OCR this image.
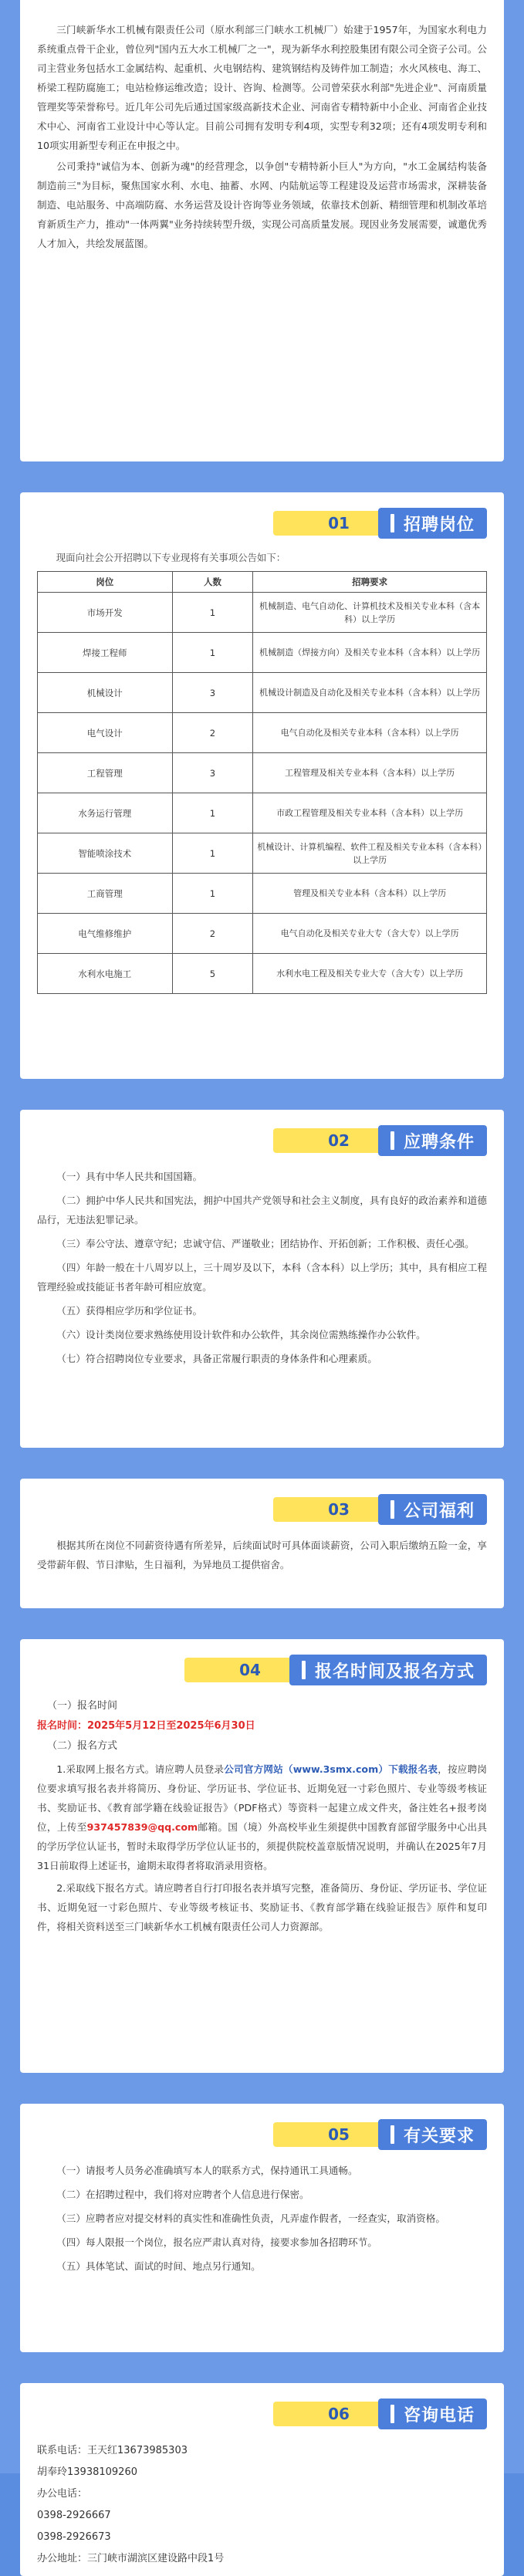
三门峡新华水工机械有限责任公司（原水利部三门峡水工机械厂）始建于1957年，为国家水利电力系统重点骨干企业，曾位列"国内五大水工机械厂之一"，现为新华水利控股集团有限公司全资子公司。公司主营业务包括水工金属结构、起重机、火电钢结构、建筑钢结构及铸件加工制造；水火风核电、海工、桥梁工程防腐施工；电站检修运维改造；设计、咨询、检测等。公司曾荣获水利部"先进企业"、河南质量管理奖等荣誉称号。近几年公司先后通过国家级高新技术企业、河南省专精特新中小企业、河南省企业技术中心、河南省工业设计中心等认定。目前公司拥有发明专利4项，实型专利32项；还有4项发明专利和10项实用新型专利正在申报之中。

公司秉持"诚信为本、创新为魂"的经营理念，以争创"专精特新小巨人"为方向，"水工金属结构装备制造前三"为目标，聚焦国家水利、水电、抽蓄、水网、内陆航运等工程建设及运营市场需求，深耕装备制造、电站服务、中高端防腐、水务运营及设计咨询等业务领域，依靠技术创新、精细管理和机制改革培育新质生产力，推动"一体两翼"业务持续转型升级，实现公司高质量发展。现因业务发展需要，诚邀优秀人才加入，共绘发展蓝图。

01	招聘岗位

现面向社会公开招聘以下专业现将有关事项公告如下：

岗位	人数	招聘要求
市场开发	1	机械制造、电气自动化、计算机技术及相关专业本科（含本科）以上学历
焊接工程师	1	机械制造（焊接方向）及相关专业本科（含本科）以上学历
机械设计	3	机械设计制造及自动化及相关专业本科（含本科）以上学历
电气设计	2	电气自动化及相关专业本科（含本科）以上学历
工程管理	3	工程管理及相关专业本科（含本科）以上学历
水务运行管理	1	市政工程管理及相关专业本科（含本科）以上学历
智能喷涂技术	1	机械设计、计算机编程、软件工程及相关专业本科（含本科）以上学历
工商管理	1	管理及相关专业本科（含本科）以上学历
电气维修维护	2	电气自动化及相关专业大专（含大专）以上学历
水利水电施工	5	水利水电工程及相关专业大专（含大专）以上学历
02	应聘条件

（一）具有中华人民共和国国籍。

（二）拥护中华人民共和国宪法，拥护中国共产党领导和社会主义制度，具有良好的政治素养和道德品行，无违法犯罪记录。

（三）奉公守法、遵章守纪；忠诚守信、严谨敬业；团结协作、开拓创新；工作积极、责任心强。

（四）年龄一般在十八周岁以上，三十周岁及以下，本科（含本科）以上学历；其中，具有相应工程管理经验或技能证书者年龄可相应放宽。

（五）获得相应学历和学位证书。

（六）设计类岗位要求熟练使用设计软件和办公软件，其余岗位需熟练操作办公软件。

（七）符合招聘岗位专业要求，具备正常履行职责的身体条件和心理素质。

03	公司福利

根据其所在岗位不同薪资待遇有所差异，后续面试时可具体面谈薪资，公司入职后缴纳五险一金，享受带薪年假、节日津贴，生日福利，为异地员工提供宿舍。

04	报名时间及报名方式

（一）报名时间

报名时间：2025年5月12日至2025年6月30日

（二）报名方式

1.采取网上报名方式。请应聘人员登录公司官方网站（www.3smx.com）下载报名表，按应聘岗位要求填写报名表并将简历、身份证、学历证书、学位证书、近期免冠一寸彩色照片、专业等级考核证书、奖励证书、《教育部学籍在线验证报告》（PDF格式）等资料一起建立成文件夹，备注姓名+报考岗位，上传至937457839@qq.com邮箱。国（境）外高校毕业生须提供中国教育部留学服务中心出具的学历学位认证书，暂时未取得学历学位认证书的，须提供院校盖章版情况说明，并确认在2025年7月31日前取得上述证书，逾期未取得者将取消录用资格。

2.采取线下报名方式。请应聘者自行打印报名表并填写完整，准备简历、身份证、学历证书、学位证书、近期免冠一寸彩色照片、专业等级考核证书、奖励证书、《教育部学籍在线验证报告》原件和复印件，将相关资料送至三门峡新华水工机械有限责任公司人力资源部。

05	有关要求

（一）请报考人员务必准确填写本人的联系方式，保持通讯工具通畅。

（二）在招聘过程中，我们将对应聘者个人信息进行保密。

（三）应聘者应对提交材料的真实性和准确性负责，凡弄虚作假者，一经查实，取消资格。

（四）每人限报一个岗位，报名应严肃认真对待，接要求参加各招聘环节。

（五）具体笔试、面试的时间、地点另行通知。

06	咨询电话

联系电话：王天红13673985303

胡奉玲13938109260

办公电话：

0398-2926667

0398-2926673

办公地址：三门峡市湖滨区建设路中段1号
